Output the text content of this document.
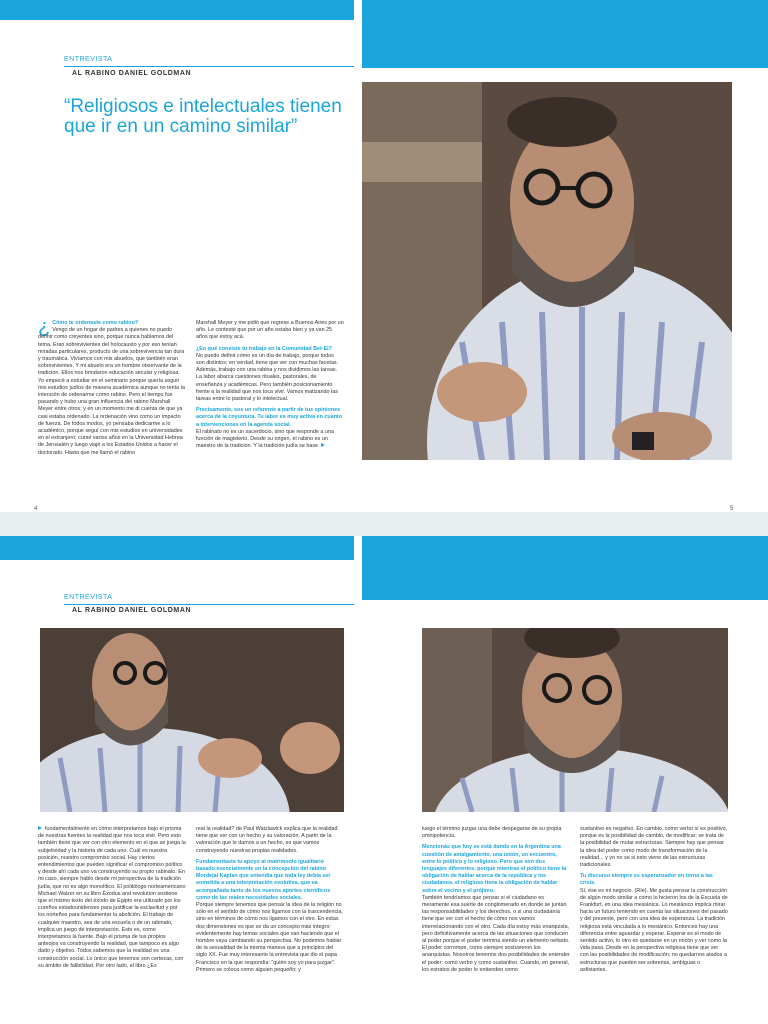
ENTREVISTA
AL RABINO DANIEL GOLDMAN
“Religiosos e intelectuales tienen que ir en un camino similar”
GABRIEL REIG | MP

¿ Cómo te ordenaste como rabino?
Vengo de un hogar de padres a quienes no puedo definir como creyentes sino, porque nunca hablamos del tema. Eran sobrevivientes del holocausto y por eso tenían miradas particulares, producto de una sobrevivencia tan dura y traumática. Vivíamos con mis abuelos, que también eran sobrevivientes. Y mi abuelo era un hombre observante de la tradición. Ellos nos brindaron educación secular y religiosa. Yo empecé a estudiar en el seminario porque quería seguir mis estudios judíos de manera académica aunque no tenía la intención de ordenarme como rabino. Pero el tiempo fue pasando y hubo una gran influencia del rabino Marshall Meyer entre otros; y en un momento me di cuenta de que ya casi estaba ordenado. La ordenación vino como un impacto de fuerza. De todos modos, yo pensaba dedicarme a lo académico, porque seguí con mis estudios en universidades en el extranjero: cursé varios años en la Universidad Hebrea de Jerusalén y luego viajé a los Estados Unidos a hacer el doctorado. Hasta que me llamó el rabino

Marshall Meyer y me pidió que regrese a Buenos Aires por un año. Le contesté que por un año estaba bien y ya van 25 años que estoy acá.

¿En qué consiste tu trabajo en la Comunidad Bet-El?

No puedo definir cómo es un día de trabajo, porque todos son distintos; en verdad, tiene que ver con muchas facetas. Además, trabajo con una rabina y nos dividimos las tareas. La labor abarca cuestiones rituales, pastorales, de enseñanza y académicas. Pero también posicionamiento frente a la realidad que nos toca vivir. Vamos matizando las tareas entre lo pastoral y lo intelectual.

Precisamente, sos un referente a partir de tus opiniones acerca de la coyuntura. Tu labor es muy activa en cuanto a intervenciones en la agenda social.

El rabinato no es un sacerdocio, sino que responde a una función de magisterio. Desde su origen, el rabino es un maestro de la tradición. Y la tradición judía se base

4	5
ENTREVISTA
AL RABINO DANIEL GOLDMAN
GABRIEL REIG | MP	GABRIEL REIG | MP

fundamentalmente en cómo interpretamos bajo el prisma de nuestras fuentes la realidad que nos toca vivir. Pero esto también tiene que ver con otro elemento en el que se juega la subjetividad y la historia de cada uno. Cuál es nuestra posición, nuestro compromiso social. Hay ciertos entendimientos que pueden significar el compromiso político y desde ahí cada uno va construyendo su propio rabinato. En mi caso, siempre hablo desde mi perspectiva de la tradición judía, que no es algo monolítico. El politólogo norteamericano Michael Walzer en su libro Éxodus and revolution sostiene que el mismo texto del éxodo de Egipto era utilizado por los cureños estadounidenses para justificar la esclavitud y por los norteños para fundamentar la abolición. El trabajo de cualquier maestro, sea de una escuela o de un rabinato, implica un juego de interpretación. Esto es, como interpretamos la fuente. Bajo el prisma de tus propios anteojos va construyendo la realidad, que tampoco es algo dado y objetivo. Todos sabemos que la realidad es una construcción social. Lo único que tenemos son certezas, con su ámbito de falibilidad. Por otro lado, el libro ¿Es

real la realidad? de Paul Watzlawick explica que la realidad tiene que ver con un hecho y su valoración. A partir de la valoración que le damos a un hecho, es que vamos construyendo nuestras propias realidades.

Fundamentaste tu apoyo al matrimonio igualitario basado esencialmente en la concepción del rabino Mordejai Kaplan que entendía que toda ley debía ser sometida a una interpretación evolutiva, que va acompañada tanto de los nuevos aportes científicos como de las reales necesidades sociales.

Porque siempre tenemos que pensar la idea de la religión no sólo en el sentido de cómo nos ligamos con la trascendencia, sino en términos de cómo nos ligamos con el otro. En estas dos dimensiones es que se da un concepto más integro: evidentemente hay temas sociales que van haciendo que el hombre vaya cambiando su perspectiva. No podemos hablar de la sexualidad de la misma manera que a principios del siglo XX. Fue muy interesante la entrevista que dio el papa Francisco en la que respondía: “quién soy yo para juzgar”. Primero se coloca como alguien pequeño; y

luego el término juzgar una debe despegarse de su propia omnipotencia.

Mencionás que hoy se está dando en la Argentina una cuestión de amalgamiento, una unión, un encuentro, entre lo político y lo religioso. Pero que son dos lenguajes diferentes, porque mientras el político tiene la obligación de hablar acerca de la república y los ciudadanos, el religioso tiene la obligación de hablar sobre el vecino y el prójimo.

También tendríamos que pensar si el ciudadano es meramente esa suerte de conglomerado en donde se juntan las responsabilidades y los derechos, o si una ciudadanía tiene que ver con el hecho de cómo nos vamos interrelacionando con el otro. Cada día estoy más enarquista, pero definitivamente acerca de las situaciones que conducen al poder porque el poder termina siendo un elemento nefasto. El poder corrompe, como siempre sostuvieron los anarquistas. Nosotros tenemos dos posibilidades de entender el poder: como verbo y como sustantivo. Cuando, en general, los estratos de poder lo entienden como

sustantivo es negativo. En cambio, como verbo sí es positivo, porque es la posibilidad de cambio, de modificar; se trata de la posibilidad de mutar estructuras. Siempre hay que pensar la idea del poder como modo de transformación de la realidad... y yo no se si esto viene de las estructuras tradicionales.

Tu discurso siempre es esperanzador en torno a las crisis.

Sí, ése es mi negocio. (Ríe). Me gusta pensar la construcción de algún modo similar a como lo hicieron los de la Escuela de Frankfurt, en una idea mesiánica. Lo mesiánico implica mirar hacia un futuro teniendo en cuenta las situaciones del pasado y del presente, pero con una idea de esperanza. La tradición religiosa está vinculada a lo mesiánico. Entonces hay una diferencia entre aguardar y esperar. Esperar es el modo de sentido activo, lo otro es quedarse en un rincón y ver como la vida pasa. Desde en la perspectiva religiosa tiene que ver con las posibilidades de modificación; no quedarnos atados a estructuras que pueden ser sobrerias, ambiguas o asfixiantes.
